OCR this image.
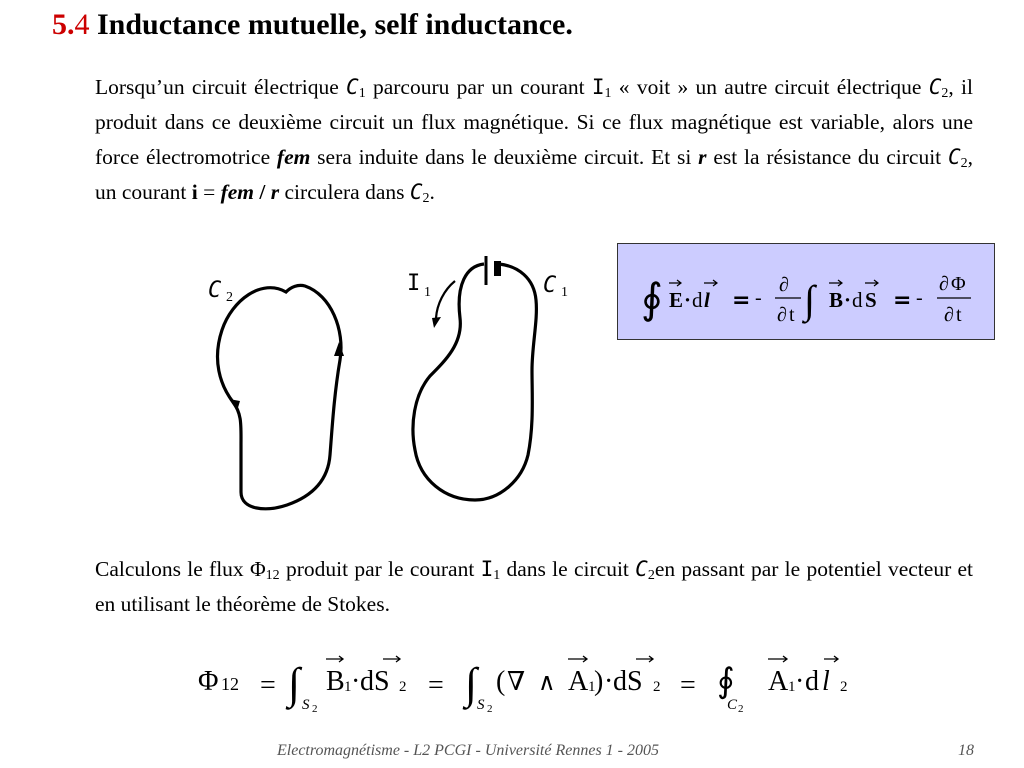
5.4 Inductance mutuelle, self inductance.
Lorsqu’un circuit électrique $C_1$ parcouru par un courant $I_1$ « voit » un autre circuit électrique $C_2$, il produit dans ce deuxième circuit un flux magnétique. Si ce flux magnétique est variable, alors une force électromotrice fem sera induite dans le deuxième circuit. Et si r est la résistance du circuit $C_2$, un courant i = fem / r circulera dans $C_2$.
C 2
I 1	C 1 ∮ E · d l = -
∂
∂ t ∫ B · d S = -
∂ Φ
∂ t
Calculons le flux $\Phi_{12}$ produit par le courant $I_1$ dans le circuit $C_2en$ passant par le potentiel vecteur et en utilisant le théorème de Stokes.
Φ 12 = ∫ S 2
B 1 · dS 2 = ∫ S 2
( ∇ ∧ A 1
) · dS 2 = ∮
C 2
A 1 · d l 2
Electromagnétisme - L2 PCGI - Université Rennes 1 - 2005	18
